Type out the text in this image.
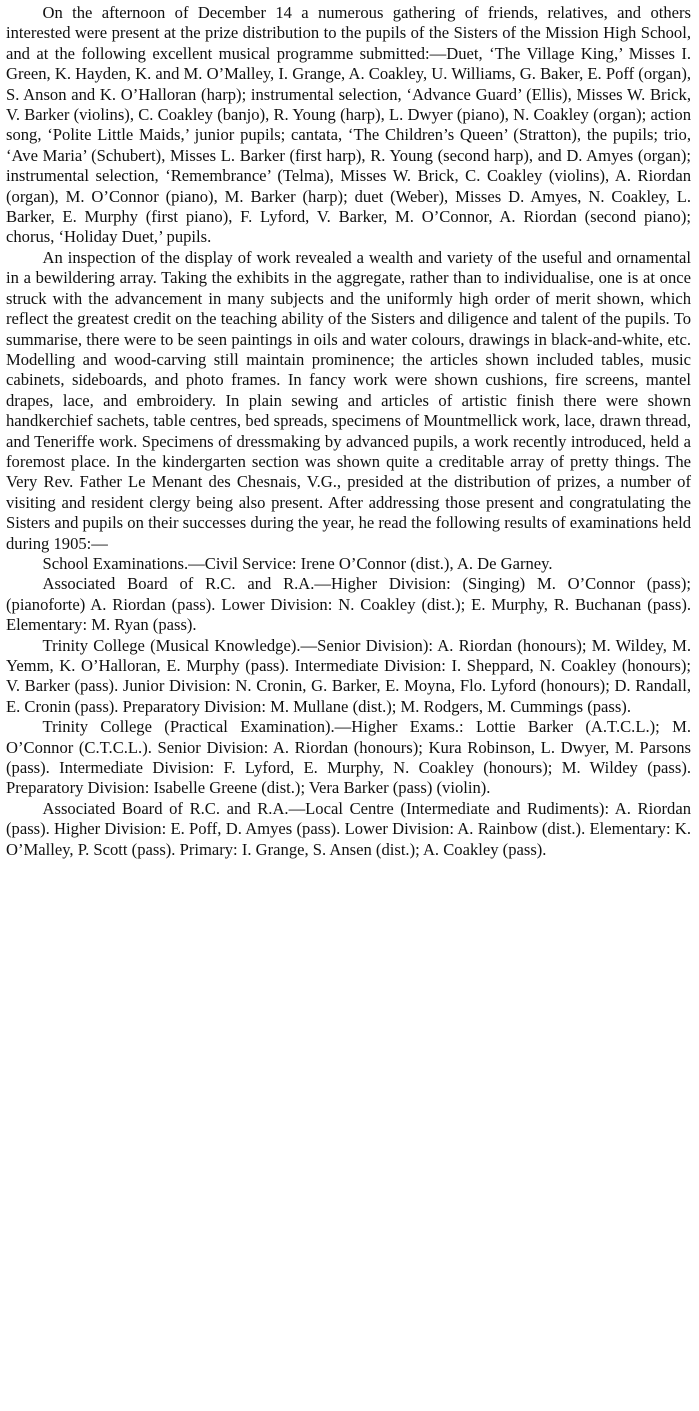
On the afternoon of December 14 a numerous gathering of friends, relatives, and others interested were present at the prize distribution to the pupils of the Sisters of the Mission High School, and at the following excellent musical programme submitted:—Duet, ‘The Village King,’ Misses I. Green, K. Hayden, K. and M. O’Malley, I. Grange, A. Coakley, U. Williams, G. Baker, E. Poff (organ), S. Anson and K. O’Halloran (harp); instrumental selection, ‘Advance Guard’ (Ellis), Misses W. Brick, V. Barker (violins), C. Coakley (banjo), R. Young (harp), L. Dwyer (piano), N. Coakley (organ); action song, ‘Polite Little Maids,’ junior pupils; cantata, ‘The Children’s Queen’ (Stratton), the pupils; trio, ‘Ave Maria’ (Schubert), Misses L. Barker (first harp), R. Young (second harp), and D. Amyes (organ); instrumental selection, ‘Remembrance’ (Telma), Misses W. Brick, C. Coakley (violins), A. Riordan (organ), M. O’Connor (piano), M. Barker (harp); duet (Weber), Misses D. Amyes, N. Coakley, L. Barker, E. Murphy (first piano), F. Lyford, V. Barker, M. O’Connor, A. Riordan (second piano); chorus, ‘Holiday Duet,’ pupils.

An inspection of the display of work revealed a wealth and variety of the useful and ornamental in a bewildering array. Taking the exhibits in the aggregate, rather than to individualise, one is at once struck with the advancement in many subjects and the uniformly high order of merit shown, which reflect the greatest credit on the teaching ability of the Sisters and diligence and talent of the pupils. To summarise, there were to be seen paintings in oils and water colours, drawings in black-and-white, etc. Modelling and wood-carving still maintain prominence; the articles shown included tables, music cabinets, sideboards, and photo frames. In fancy work were shown cushions, fire screens, mantel drapes, lace, and embroidery. In plain sewing and articles of artistic finish there were shown handkerchief sachets, table centres, bed spreads, specimens of Mountmellick work, lace, drawn thread, and Teneriffe work. Specimens of dressmaking by advanced pupils, a work recently introduced, held a foremost place. In the kindergarten section was shown quite a creditable array of pretty things. The Very Rev. Father Le Menant des Chesnais, V.G., presided at the distribution of prizes, a number of visiting and resident clergy being also present. After addressing those present and congratulating the Sisters and pupils on their successes during the year, he read the following results of examinations held during 1905:—

School Examinations.—Civil Service: Irene O’Connor (dist.), A. De Garney.

Associated Board of R.C. and R.A.—Higher Division: (Singing) M. O’Connor (pass); (pianoforte) A. Riordan (pass). Lower Division: N. Coakley (dist.); E. Murphy, R. Buchanan (pass). Elementary: M. Ryan (pass).

Trinity College (Musical Knowledge).—Senior Division): A. Riordan (honours); M. Wildey, M. Yemm, K. O’Halloran, E. Murphy (pass). Intermediate Division: I. Sheppard, N. Coakley (honours); V. Barker (pass). Junior Division: N. Cronin, G. Barker, E. Moyna, Flo. Lyford (honours); D. Randall, E. Cronin (pass). Preparatory Division: M. Mullane (dist.); M. Rodgers, M. Cummings (pass).

Trinity College (Practical Examination).—Higher Exams.: Lottie Barker (A.T.C.L.); M. O’Connor (C.T.C.L.). Senior Division: A. Riordan (honours); Kura Robinson, L. Dwyer, M. Parsons (pass). Intermediate Division: F. Lyford, E. Murphy, N. Coakley (honours); M. Wildey (pass). Preparatory Division: Isabelle Greene (dist.); Vera Barker (pass) (violin).

Associated Board of R.C. and R.A.—Local Centre (Intermediate and Rudiments): A. Riordan (pass). Higher Division: E. Poff, D. Amyes (pass). Lower Division: A. Rainbow (dist.). Elementary: K. O’Malley, P. Scott (pass). Primary: I. Grange, S. Ansen (dist.); A. Coakley (pass).
